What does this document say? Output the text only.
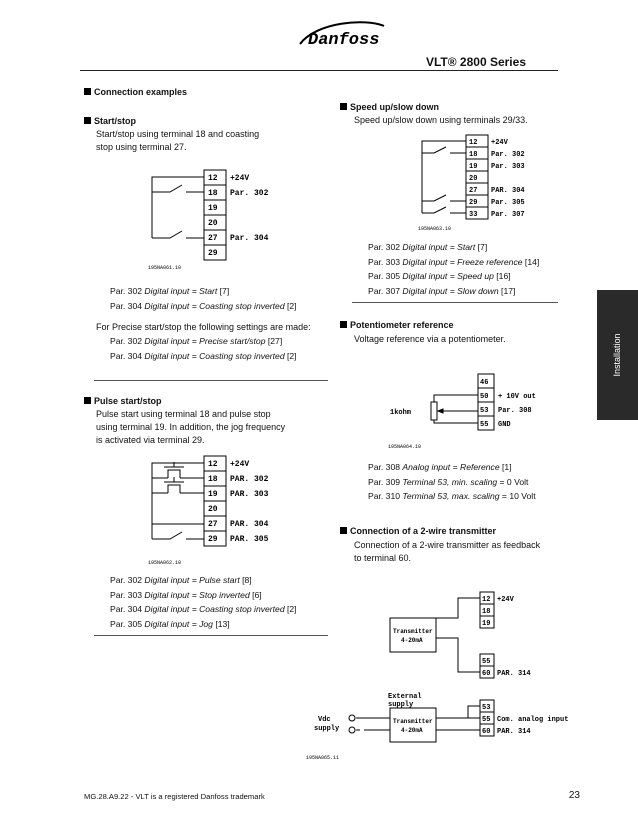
Danfoss
VLT® 2800 Series
Installation
Connection examples
Start/stop
Start/stop using terminal 18 and coasting
stop using terminal 27.
12
18
19
20
27
29
+24V
Par. 302
Par. 304
195NA061.10
Par. 302 Digital input = Start [7]
Par. 304 Digital input = Coasting stop inverted [2]
For Precise start/stop the following settings are made:
Par. 302 Digital input = Precise start/stop [27]
Par. 304 Digital input = Coasting stop inverted [2]
Pulse start/stop
Pulse start using terminal 18 and pulse stop
using terminal 19. In addition, the jog frequency
is activated via terminal 29.
12
18
19
20
27
29
+24V
PAR. 302
PAR. 303
PAR. 304
PAR. 305
195NA062.10
Par. 302 Digital input = Pulse start [8]
Par. 303 Digital input = Stop inverted [6]
Par. 304 Digital input = Coasting stop inverted [2]
Par. 305 Digital input = Jog [13]
Speed up/slow down
Speed up/slow down using terminals 29/33.
12
18
19
20
27
29
33
+24V
Par. 302
Par. 303
PAR. 304
Par. 305
Par. 307
195NA063.10
Par. 302 Digital input = Start [7]
Par. 303 Digital input = Freeze reference [14]
Par. 305 Digital input = Speed up [16]
Par. 307 Digital input = Slow down [17]
Potentiometer reference
Voltage reference via a potentiometer.
46
50
53
55
+ 10V out
Par. 308
GND
1kohm
195NA064.10
Par. 308 Analog input = Reference [1]
Par. 309 Terminal 53, min. scaling = 0 Volt
Par. 310 Terminal 53, max. scaling = 10 Volt
Connection of a 2-wire transmitter
Connection of a 2-wire transmitter as feedback
to terminal 60.
12
18
19
55
60
+24V
PAR. 314
Transmitter
4-20mA
External
supply	53
55
60
Com. analog input
PAR. 314
Transmitter
4-20mA
Vdc
supply
195NA065.11
MG.28.A9.22 - VLT is a registered Danfoss trademark	23
